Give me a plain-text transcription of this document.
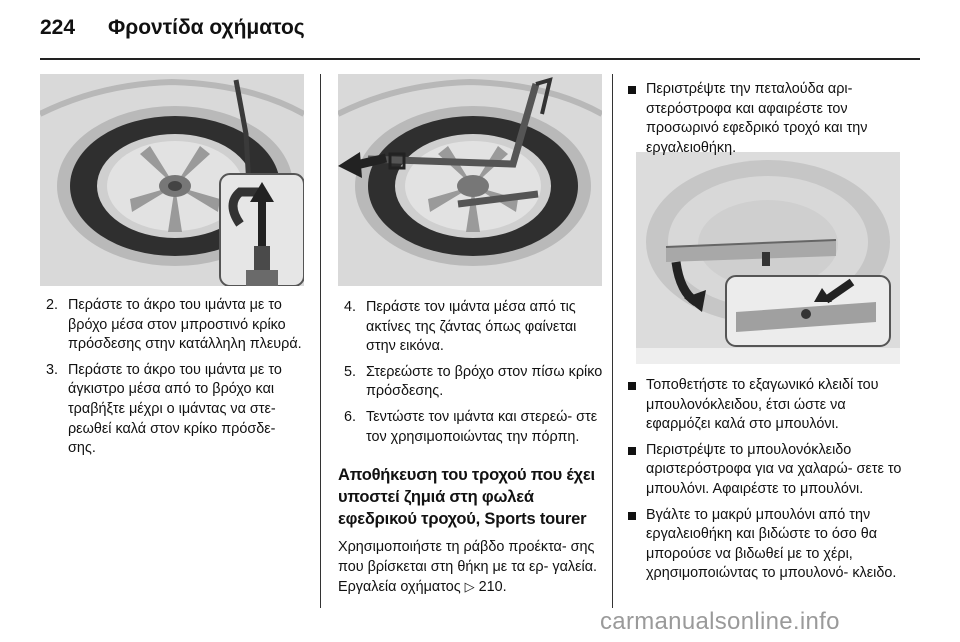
224 Φροντίδα οχήματος
2. Περάστε το άκρο του ιμάντα με το βρόχο μέσα στον μπροστινό κρίκο πρόσδεσης στην κατάλληλη πλευρά.
3. Περάστε το άκρο του ιμάντα με το άγκιστρο μέσα από το βρόχο και τραβήξτε μέχρι ο ιμάντας να στε- ρεωθεί καλά στον κρίκο πρόσδε- σης.
4. Περάστε τον ιμάντα μέσα από τις ακτίνες της ζάντας όπως φαίνεται στην εικόνα.
5. Στερεώστε το βρόχο στον πίσω κρίκο πρόσδεσης.
6. Τεντώστε τον ιμάντα και στερεώ- στε τον χρησιμοποιώντας την πόρπη.
Αποθήκευση του τροχού που έχει υποστεί ζημιά στη φωλεά εφεδρικού τροχού, Sports tourer
Χρησιμοποιήστε τη ράβδο προέκτα- σης που βρίσκεται στη θήκη με τα ερ- γαλεία. Εργαλεία οχήματος ▷ 210.
Περιστρέψτε την πεταλούδα αρι- στερόστροφα και αφαιρέστε τον προσωρινό εφεδρικό τροχό και την εργαλειοθήκη.
Τοποθετήστε το εξαγωνικό κλειδί του μπουλονόκλειδου, έτσι ώστε να εφαρμόζει καλά στο μπουλόνι.
Περιστρέψτε το μπουλονόκλειδο αριστερόστροφα για να χαλαρώ- σετε το μπουλόνι. Αφαιρέστε το μπουλόνι.
Βγάλτε το μακρύ μπουλόνι από την εργαλειοθήκη και βιδώστε το όσο θα μπορούσε να βιδωθεί με το χέρι, χρησιμοποιώντας το μπουλονό- κλειδο.
carmanualsonline.info
